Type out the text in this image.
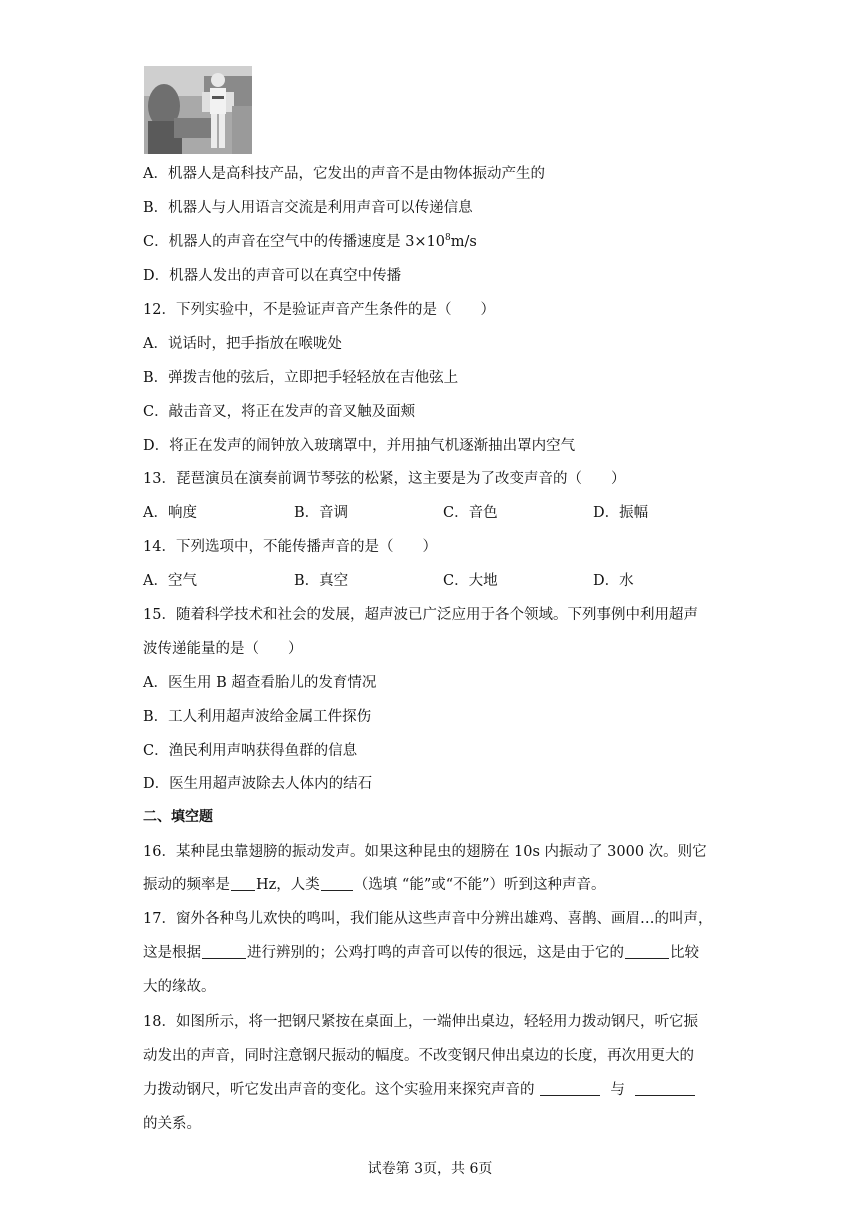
A．机器人是高科技产品，它发出的声音不是由物体振动产生的
B．机器人与人用语言交流是利用声音可以传递信息
C．机器人的声音在空气中的传播速度是 $3\times 10^8m/s$
D．机器人发出的声音可以在真空中传播
12．下列实验中，不是验证声音产生条件的是（　　）
A．说话时，把手指放在喉咙处
B．弹拨吉他的弦后，立即把手轻轻放在吉他弦上
C．敲击音叉，将正在发声的音叉触及面颊
D．将正在发声的闹钟放入玻璃罩中，并用抽气机逐渐抽出罩内空气
13．琵琶演员在演奏前调节琴弦的松紧，这主要是为了改变声音的（　　）
A．响度	B．音调	C．音色	D．振幅
14．下列选项中，不能传播声音的是（　　）
A．空气	B．真空	C．大地	D．水
15．随着科学技术和社会的发展，超声波已广泛应用于各个领域。下列事例中利用超声
波传递能量的是（　　）
A．医生用 B 超查看胎儿的发育情况
B．工人利用超声波给金属工件探伤
C．渔民利用声呐获得鱼群的信息
D．医生用超声波除去人体内的结石
二、填空题
16．某种昆虫靠翅膀的振动发声。如果这种昆虫的翅膀在 10s 内振动了 3000 次。则它
振动的频率是 Hz，人类 （选填 “能”或“不能”）听到这种声音。
17．窗外各种鸟儿欢快的鸣叫，我们能从这些声音中分辨出雄鸡、喜鹊、画眉…的叫声，
这是根据	进行辨别的；公鸡打鸣的声音可以传的很远，这是由于它的	比较
大的缘故。
18．如图所示，将一把钢尺紧按在桌面上，一端伸出桌边，轻轻用力拨动钢尺，听它振
动发出的声音，同时注意钢尺振动的幅度。不改变钢尺伸出桌边的长度，再次用更大的
力拨动钢尺，听它发出声音的变化。这个实验用来探究声音的	与
的关系。
试卷第 3页，共 6页
